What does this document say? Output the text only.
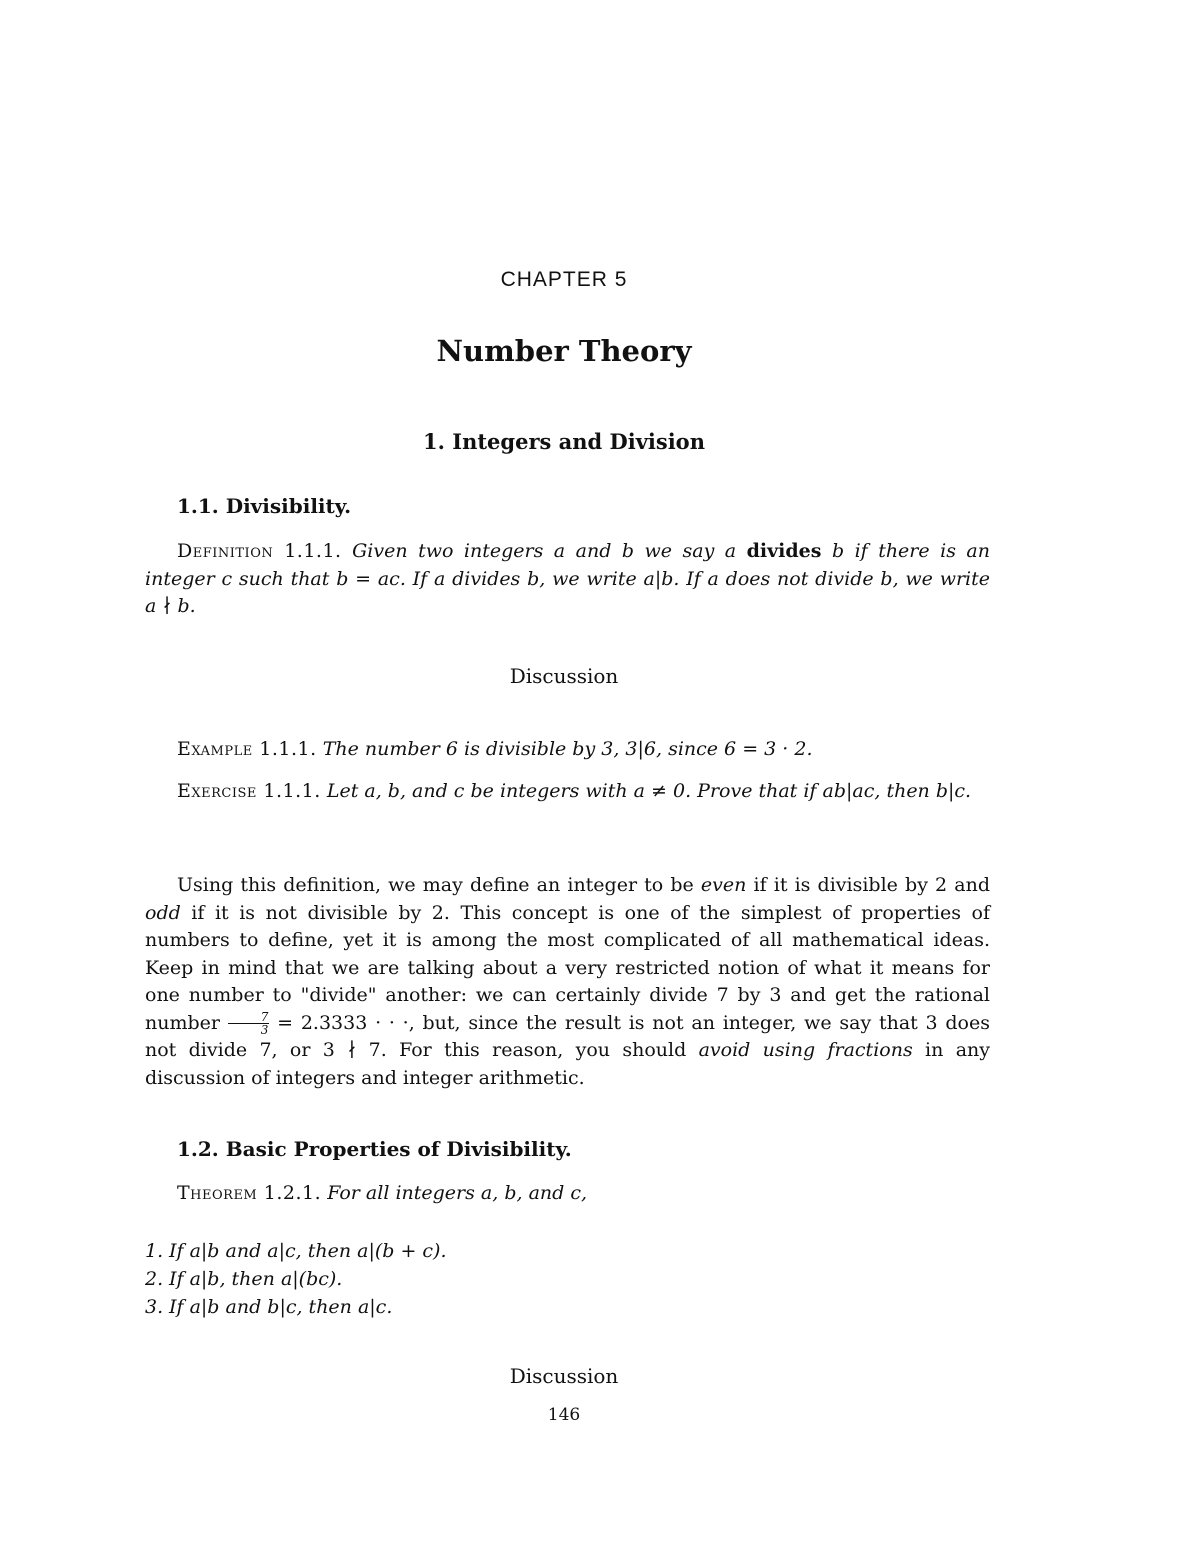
CHAPTER 5
Number Theory
1. Integers and Division
1.1. Divisibility.
Definition 1.1.1. Given two integers a and b we say a divides b if there is an integer c such that b = ac. If a divides b, we write a|b. If a does not divide b, we write a ∤ b.
Discussion
Example 1.1.1. The number 6 is divisible by 3, 3|6, since 6 = 3 · 2.
Exercise 1.1.1. Let a, b, and c be integers with a ≠ 0. Prove that if ab|ac, then b|c.
Using this definition, we may define an integer to be even if it is divisible by 2 and odd if it is not divisible by 2. This concept is one of the simplest of properties of numbers to define, yet it is among the most complicated of all mathematical ideas. Keep in mind that we are talking about a very restricted notion of what it means for one number to "divide" another: we can certainly divide 7 by 3 and get the rational number $\frac{7}{3} = 2.3333$ · · ·, but, since the result is not an integer, we say that 3 does not divide 7, or 3 ∤ 7. For this reason, you should avoid using fractions in any discussion of integers and integer arithmetic.
1.2. Basic Properties of Divisibility.
Theorem 1.2.1. For all integers a, b, and c,
1. If a|b and a|c, then a|(b + c).
2. If a|b, then a|(bc).
3. If a|b and b|c, then a|c.
Discussion
146
